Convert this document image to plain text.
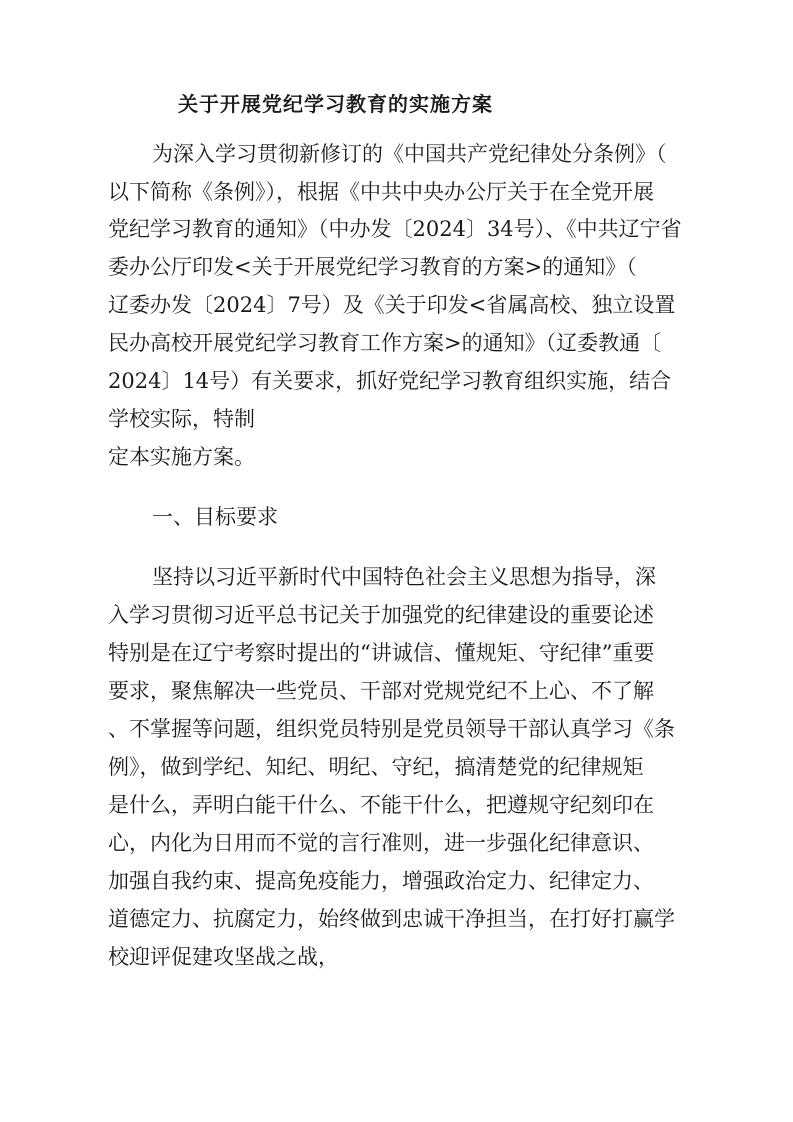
关于开展党纪学习教育的实施方案
为深入学习贯彻新修订的《中国共产党纪律处分条例》（
以下简称《条例》），根据《中共中央办公厅关于在全党开展
党纪学习教育的通知》（中办发〔2024〕34号）、《中共辽宁省
委办公厅印发<关于开展党纪学习教育的方案>的通知》（
辽委办发〔2024〕7号）及《关于印发<省属高校、独立设置
民办高校开展党纪学习教育工作方案>的通知》（辽委教通〔
2024〕14号）有关要求，抓好党纪学习教育组织实施，结合
学校实际，特制
定本实施方案。
一、目标要求
坚持以习近平新时代中国特色社会主义思想为指导，深
入学习贯彻习近平总书记关于加强党的纪律建设的重要论述
特别是在辽宁考察时提出的“讲诚信、懂规矩、守纪律”重要
要求，聚焦解决一些党员、干部对党规党纪不上心、不了解
、不掌握等问题，组织党员特别是党员领导干部认真学习《条
例》，做到学纪、知纪、明纪、守纪，搞清楚党的纪律规矩
是什么，弄明白能干什么、不能干什么，把遵规守纪刻印在
心，内化为日用而不觉的言行准则，进一步强化纪律意识、
加强自我约束、提高免疫能力，增强政治定力、纪律定力、
道德定力、抗腐定力，始终做到忠诚干净担当，在打好打赢学
校迎评促建攻坚战之战，
